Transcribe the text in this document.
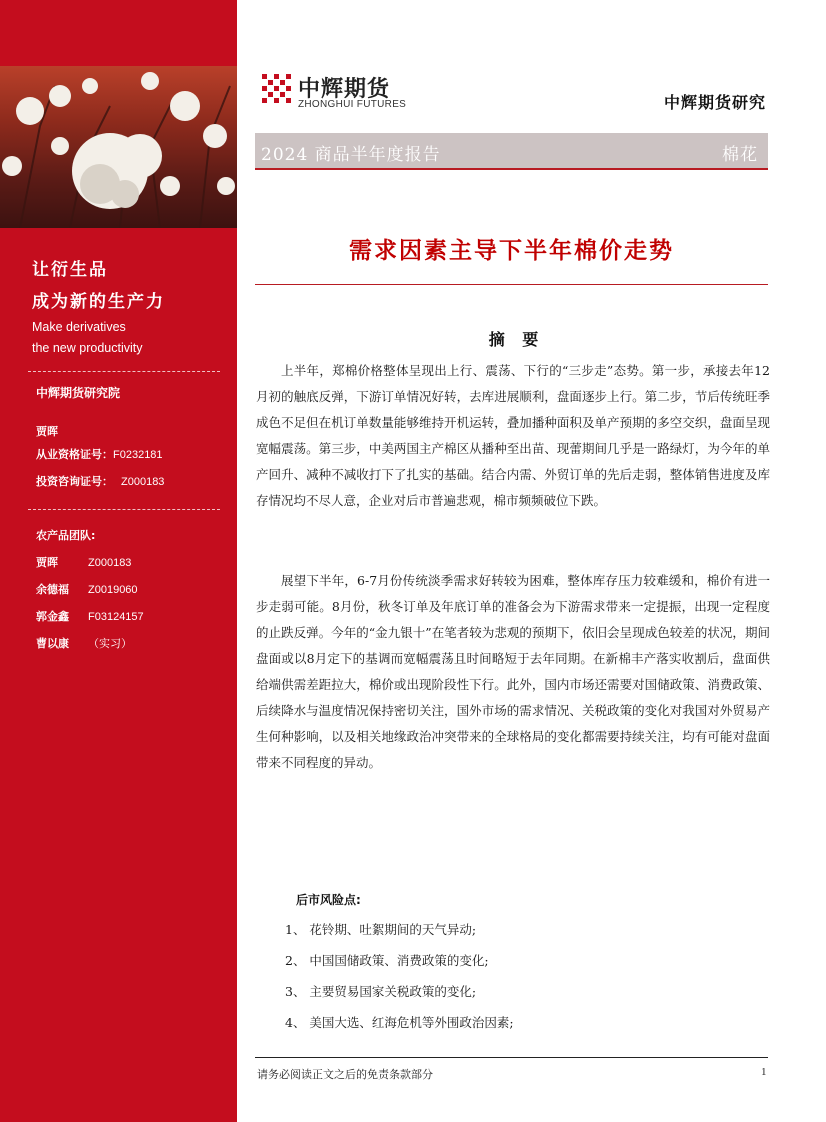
让衍生品
成为新的生产力
Make derivatives
the new productivity
中辉期货研究院
贾晖
从业资格证号：F0232181
投资咨询证号： Z000183
农产品团队:
贾晖	Z000183
余德福 Z0019060
郭金鑫 F03124157
曹以康 （实习）
中辉期货
ZHONGHUI FUTURES	中辉期货研究
2024 商品半年度报告	棉花
需求因素主导下半年棉价走势
摘 要
上半年，郑棉价格整体呈现出上行、震荡、下行的“三步走”态势。第一步，承接去年12月初的触底反弹，下游订单情况好转，去库进展顺利，盘面逐步上行。第二步，节后传统旺季成色不足但在机订单数量能够维持开机运转，叠加播种面积及单产预期的多空交织，盘面呈现宽幅震荡。第三步，中美两国主产棉区从播种至出苗、现蕾期间几乎是一路绿灯，为今年的单产回升、减种不减收打下了扎实的基础。结合内需、外贸订单的先后走弱，整体销售进度及库存情况均不尽人意，企业对后市普遍悲观，棉市频频破位下跌。
展望下半年，6-7月份传统淡季需求好转较为困难，整体库存压力较难缓和，棉价有进一步走弱可能。8月份，秋冬订单及年底订单的准备会为下游需求带来一定提振，出现一定程度的止跌反弹。今年的“金九银十”在笔者较为悲观的预期下，依旧会呈现成色较差的状况，期间盘面或以8月定下的基调而宽幅震荡且时间略短于去年同期。在新棉丰产落实收割后，盘面供给端供需差距拉大，棉价或出现阶段性下行。此外，国内市场还需要对国储政策、消费政策、后续降水与温度情况保持密切关注，国外市场的需求情况、关税政策的变化对我国对外贸易产生何种影响，以及相关地缘政治冲突带来的全球格局的变化都需要持续关注，均有可能对盘面带来不同程度的异动。
后市风险点:
1、 花铃期、吐絮期间的天气异动;
2、 中国国储政策、消费政策的变化;
3、 主要贸易国家关税政策的变化;
4、 美国大选、红海危机等外围政治因素;
请务必阅读正文之后的免责条款部分	1
